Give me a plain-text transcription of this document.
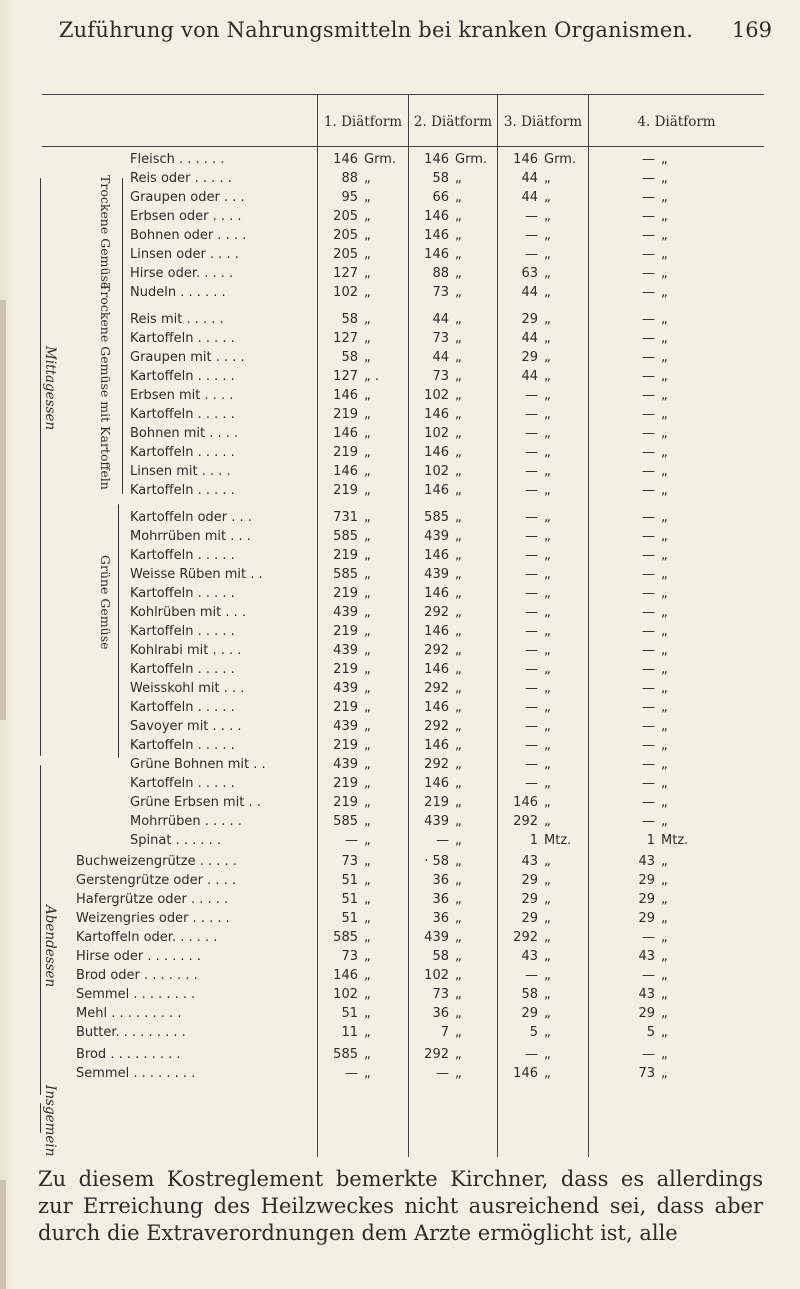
Zuführung von Nahrungsmitteln bei kranken Organismen.	169
1. Diätform 2. Diätform 3. Diätform	4. Diätform
Mittagessen
Abendessen
Insgemein
Trockene Gemüse
Trockene Gemüse mit Kartoffeln
Grüne Gemüse
Fleisch . . . . . .	146 Grm.	146 Grm.	146 Grm.	— „
Reis oder . . . . .	88 „	58 „	44 „	— „
Graupen oder . . .	95 „	66 „	44 „	— „
Erbsen oder . . . .	205 „	146 „	— „	— „
Bohnen oder . . . .	205 „	146 „	— „	— „
Linsen oder . . . .	205 „	146 „	— „	— „
Hirse oder. . . . .	127 „	88 „	63 „	— „
Nudeln . . . . . .	102 „	73 „	44 „	— „
Reis mit . . . . .	58 „	44 „	29 „	— „
Kartoffeln . . . . .	127 „	73 „	44 „	— „
Graupen mit . . . .	58 „	44 „	29 „	— „
Kartoffeln . . . . .	127 „ .	73 „	44 „	— „
Erbsen mit . . . .	146 „	102 „	— „	— „
Kartoffeln . . . . .	219 „	146 „	— „	— „
Bohnen mit . . . .	146 „	102 „	— „	— „
Kartoffeln . . . . .	219 „	146 „	— „	— „
Linsen mit . . . .	146 „	102 „	— „	— „
Kartoffeln . . . . .	219 „	146 „	— „	— „
Kartoffeln oder . . .	731 „	585 „	— „	— „
Mohrrüben mit . . .	585 „	439 „	— „	— „
Kartoffeln . . . . .	219 „	146 „	— „	— „
Weisse Rüben mit . .	585 „	439 „	— „	— „
Kartoffeln . . . . .	219 „	146 „	— „	— „
Kohlrüben mit . . .	439 „	292 „	— „	— „
Kartoffeln . . . . .	219 „	146 „	— „	— „
Kohlrabi mit . . . .	439 „	292 „	— „	— „
Kartoffeln . . . . .	219 „	146 „	— „	— „
Weisskohl mit . . .	439 „	292 „	— „	— „
Kartoffeln . . . . .	219 „	146 „	— „	— „
Savoyer mit . . . .	439 „	292 „	— „	— „
Kartoffeln . . . . .	219 „	146 „	— „	— „
Grüne Bohnen mit . .	439 „	292 „	— „	— „
Kartoffeln . . . . .	219 „	146 „	— „	— „
Grüne Erbsen mit . .	219 „	219 „	146 „	— „
Mohrrüben . . . . .	585 „	439 „	292 „	— „
Spinat . . . . . .	— „	— „	1 Mtz.	1 Mtz.
Buchweizengrütze . . . . .	73 „	· 58 „	43 „	43 „
Gerstengrütze oder . . . .	51 „	36 „	29 „	29 „
Hafergrütze oder . . . . .	51 „	36 „	29 „	29 „
Weizengries oder . . . . .	51 „	36 „	29 „	29 „
Kartoffeln oder. . . . . .	585 „	439 „	292 „	— „
Hirse oder . . . . . . .	73 „	58 „	43 „	43 „
Brod oder . . . . . . .	146 „	102 „	— „	— „
Semmel . . . . . . . .	102 „	73 „	58 „	43 „
Mehl . . . . . . . . .	51 „	36 „	29 „	29 „
Butter. . . . . . . . .	11 „	7 „	5 „	5 „
Brod . . . . . . . . .	585 „	292 „	— „	— „
Semmel . . . . . . . .	— „	— „	146 „	73 „

Zu diesem Kostreglement bemerkte Kirchner, dass es allerdings zur Erreichung des Heilzweckes nicht ausreichend sei, dass aber durch die Extraverordnungen dem Arzte ermöglicht ist, alle
